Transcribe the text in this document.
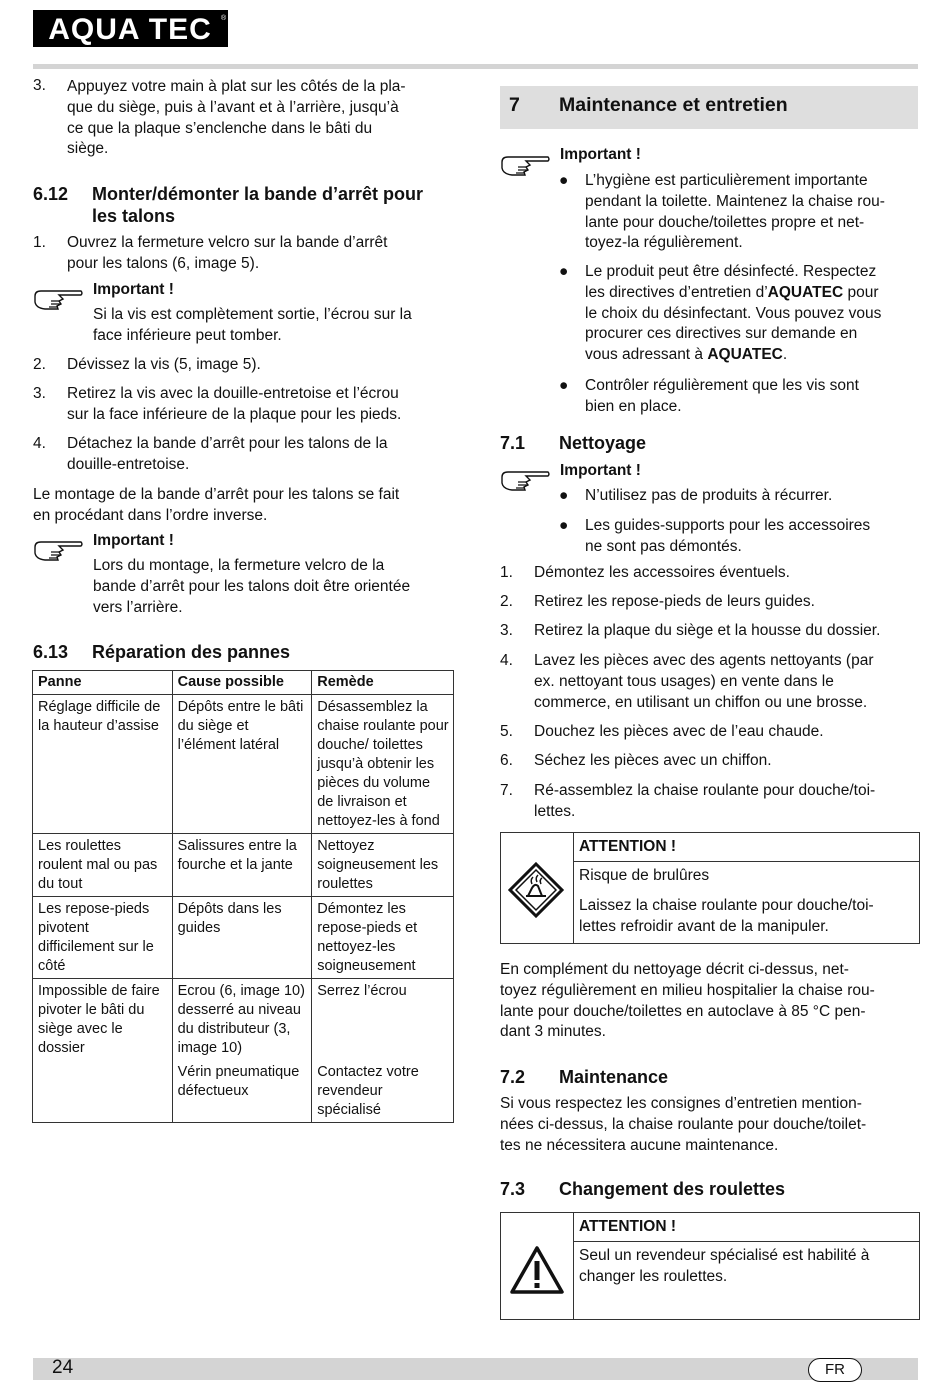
AQUA TEC ®
3. Appuyez votre main à plat sur les côtés de la pla-
que du siège, puis à l’avant et à l’arrière, jusqu’à
ce que la plaque s’enclenche dans le bâti du
siège.
6.12 Monter/démonter la bande d’arrêt pour
les talons
1. Ouvrez la fermeture velcro sur la bande d’arrêt
pour les talons (6, image 5).
Important !
Si la vis est complètement sortie, l’écrou sur la
face inférieure peut tomber.
2. Dévissez la vis (5, image 5).
3. Retirez la vis avec la douille-entretoise et l’écrou
sur la face inférieure de la plaque pour les pieds.
4. Détachez la bande d’arrêt pour les talons de la
douille-entretoise.
Le montage de la bande d’arrêt pour les talons se fait
en procédant dans l’ordre inverse.
Important !
Lors du montage, la fermeture velcro de la
bande d’arrêt pour les talons doit être orientée
vers l’arrière.
6.13 Réparation des pannes
Panne	Cause possible	Remède
Réglage difficile de la hauteur d’assise	Dépôts entre le bâti du siège et l’élément latéral	Désassemblez la chaise roulante pour douche/ toilettes jusqu’à obtenir les pièces du volume de livraison et nettoyez-les à fond
Les roulettes roulent mal ou pas du tout	Salissures entre la fourche et la jante	Nettoyez soigneusement les roulettes
Les repose-pieds pivotent difficilement sur le côté	Dépôts dans les guides	Démontez les repose-pieds et nettoyez-les soigneusement
Impossible de faire pivoter le bâti du siège avec le dossier	Ecrou (6, image 10) desserré au niveau du distributeur (3, image 10)	Serrez l’écrou
	Vérin pneumatique défectueux	Contactez votre revendeur spécialisé
7 Maintenance et entretien
Important !
● L’hygiène est particulièrement importante
pendant la toilette. Maintenez la chaise rou-
lante pour douche/toilettes propre et net-
toyez-la régulièrement.
● Le produit peut être désinfecté. Respectez
les directives d’entretien d’AQUATEC pour
le choix du désinfectant. Vous pouvez vous
procurer ces directives sur demande en
vous adressant à AQUATEC.
● Contrôler régulièrement que les vis sont
bien en place.
7.1 Nettoyage
Important !
● N’utilisez pas de produits à récurrer.
● Les guides-supports pour les accessoires
ne sont pas démontés.
1. Démontez les accessoires éventuels.
2. Retirez les repose-pieds de leurs guides.
3. Retirez la plaque du siège et la housse du dossier.
4. Lavez les pièces avec des agents nettoyants (par
ex. nettoyant tous usages) en vente dans le
commerce, en utilisant un chiffon ou une brosse.
5. Douchez les pièces avec de l’eau chaude.
6. Séchez les pièces avec un chiffon.
7. Ré-assemblez la chaise roulante pour douche/toi-
lettes.
ATTENTION !
Risque de brulûres
Laissez la chaise roulante pour douche/toi-
lettes refroidir avant de la manipuler.
En complément du nettoyage décrit ci-dessus, net-
toyez régulièrement en milieu hospitalier la chaise rou-
lante pour douche/toilettes en autoclave à 85 °C pen-
dant 3 minutes.
7.2 Maintenance
Si vous respectez les consignes d’entretien mention-
nées ci-dessus, la chaise roulante pour douche/toilet-
tes ne nécessitera aucune maintenance.
7.3 Changement des roulettes
ATTENTION !
Seul un revendeur spécialisé est habilité à
changer les roulettes.
24	FR
